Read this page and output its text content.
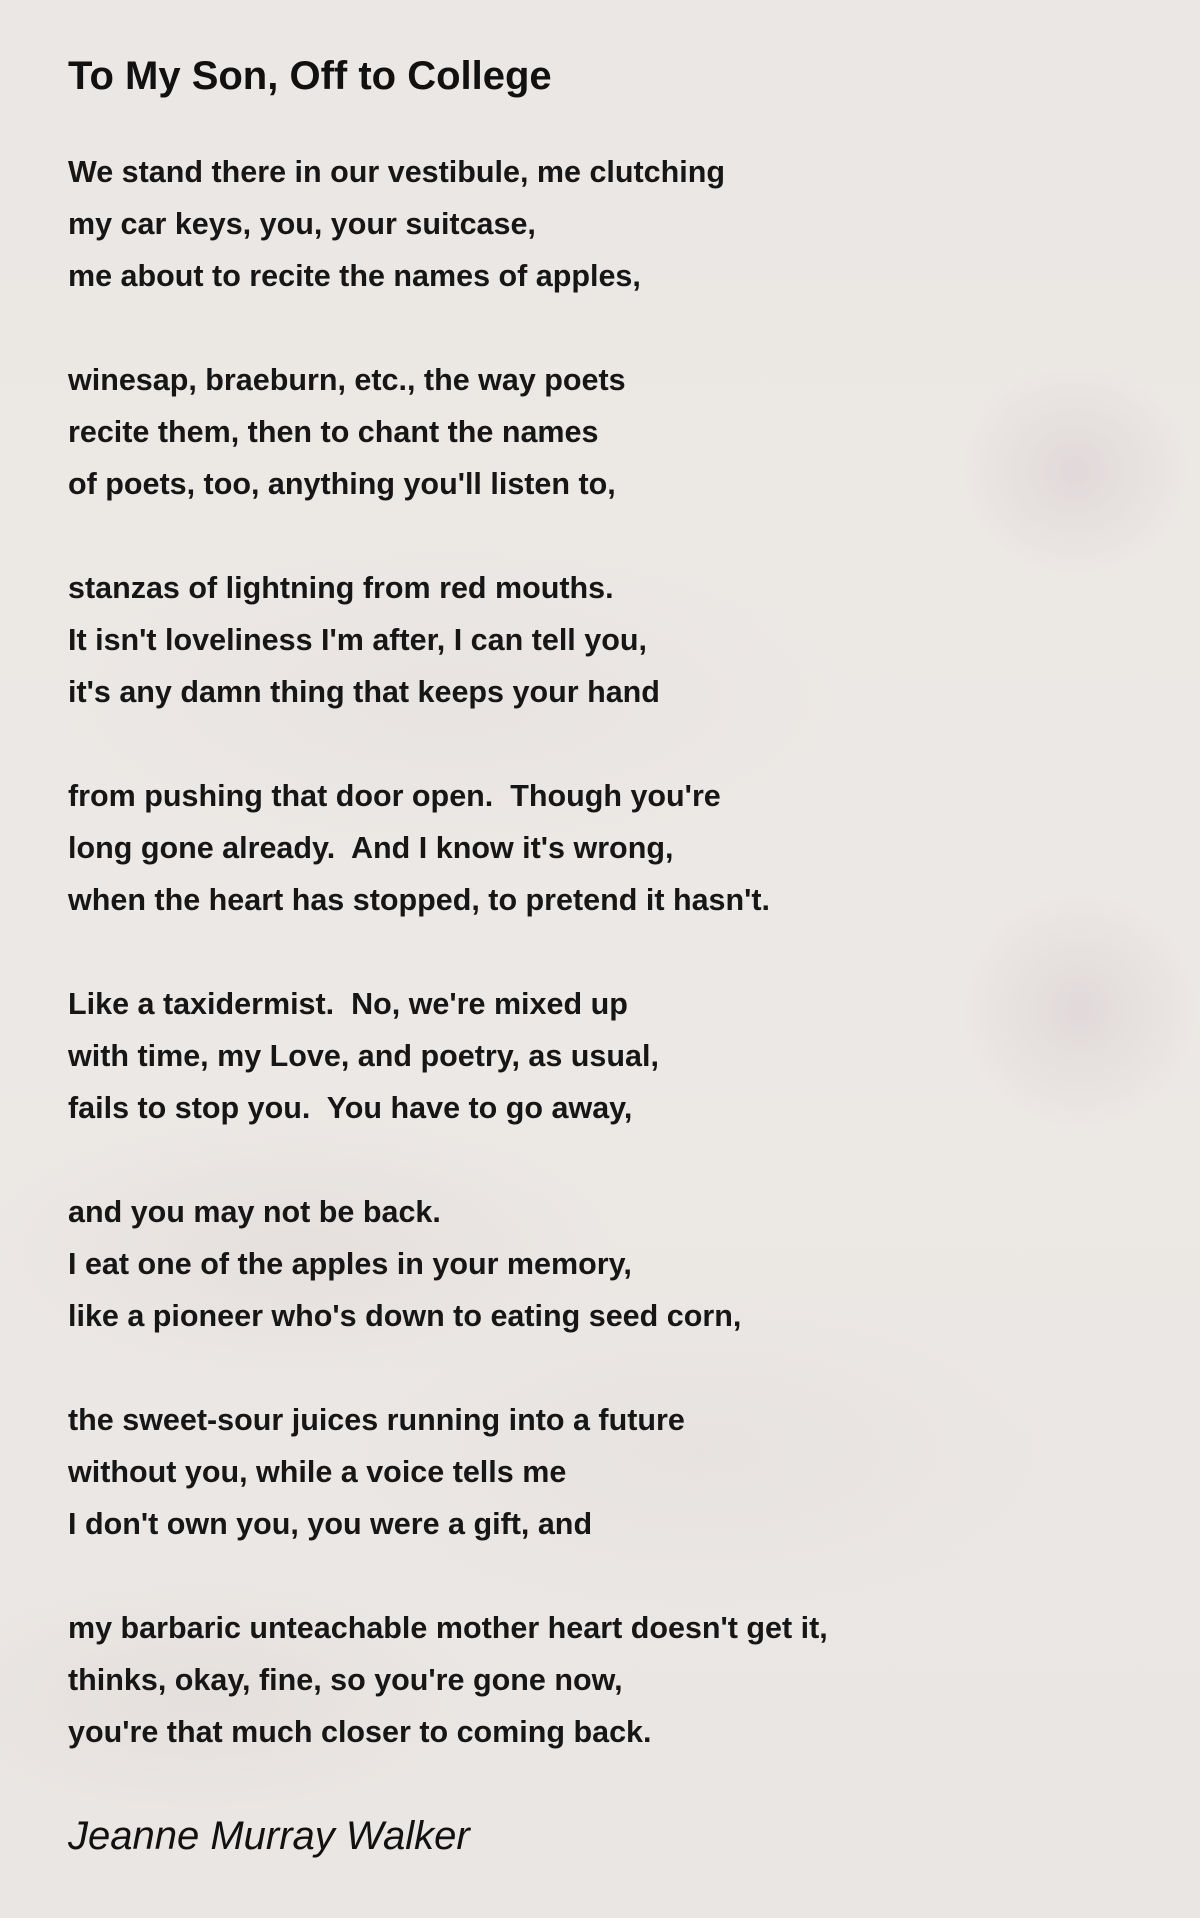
To My Son, Off to College
We stand there in our vestibule, me clutching
my car keys, you, your suitcase,
me about to recite the names of apples,
winesap, braeburn, etc., the way poets
recite them, then to chant the names
of poets, too, anything you'll listen to,
stanzas of lightning from red mouths.
It isn't loveliness I'm after, I can tell you,
it's any damn thing that keeps your hand
from pushing that door open.  Though you're
long gone already.  And I know it's wrong,
when the heart has stopped, to pretend it hasn't.
Like a taxidermist.  No, we're mixed up
with time, my Love, and poetry, as usual,
fails to stop you.  You have to go away,
and you may not be back.
I eat one of the apples in your memory,
like a pioneer who's down to eating seed corn,
the sweet-sour juices running into a future
without you, while a voice tells me
I don't own you, you were a gift, and
my barbaric unteachable mother heart doesn't get it,
thinks, okay, fine, so you're gone now,
you're that much closer to coming back.
Jeanne Murray Walker
